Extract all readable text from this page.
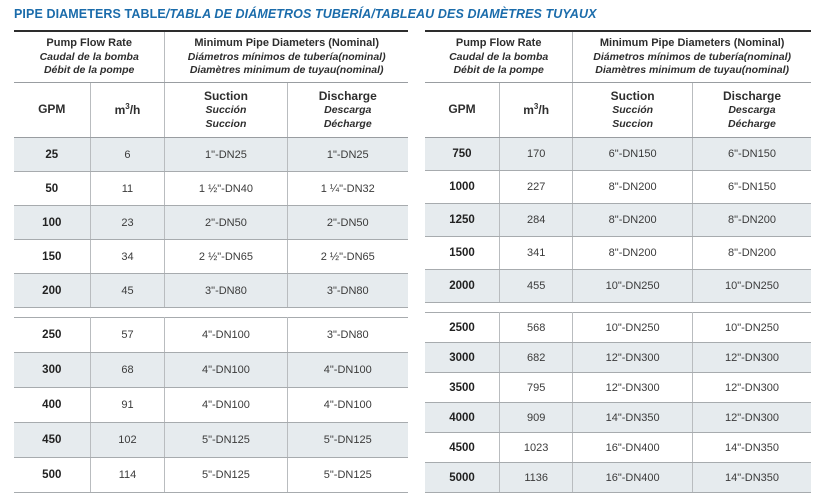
PIPE DIAMETERS TABLE/TABLA DE DIÁMETROS TUBERÍA/TABLEAU DES DIAMÈTRES TUYAUX
Pump Flow Rate
Caudal de la bomba
Débit de la pompe		Minimum Pipe Diameters (Nominal)
Diámetros mínimos de tubería(nominal)
Diamètres minimum de tuyau(nominal)	

GPM	$m^3/h$	Suction
Succión
Succion	Discharge
Descarga
Décharge
25	6	1"-DN25	1"-DN25
50	11	1 ½"-DN40	1 ¼"-DN32
100	23	2"-DN50	2"-DN50
150	34	2 ½"-DN65	2 ½"-DN65
200	45	3"-DN80	3"-DN80
250	57	4"-DN100	3"-DN80
300	68	4"-DN100	4"-DN100
400	91	4"-DN100	4"-DN100
450	102	5"-DN125	5"-DN125
500	114	5"-DN125	5"-DN125
Pump Flow Rate
Caudal de la bomba
Débit de la pompe		Minimum Pipe Diameters (Nominal)
Diámetros mínimos de tubería(nominal)
Diamètres minimum de tuyau(nominal)	

GPM	$m^3/h$	Suction
Succión
Succion	Discharge
Descarga
Décharge
750	170	6"-DN150	6"-DN150
1000	227	8"-DN200	6"-DN150
1250	284	8"-DN200	8"-DN200
1500	341	8"-DN200	8"-DN200
2000	455	10"-DN250	10"-DN250
2500	568	10"-DN250	10"-DN250
3000	682	12"-DN300	12"-DN300
3500	795	12"-DN300	12"-DN300
4000	909	14"-DN350	12"-DN300
4500	1023	16"-DN400	14"-DN350
5000	1136	16"-DN400	14"-DN350
